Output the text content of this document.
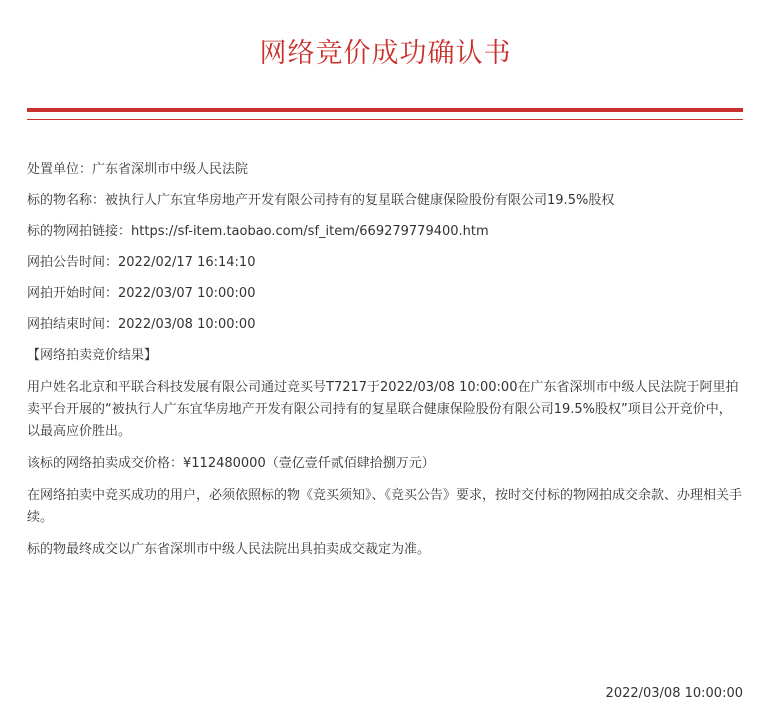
网络竞价成功确认书

处置单位：广东省深圳市中级人民法院

标的物名称：被执行人广东宜华房地产开发有限公司持有的复星联合健康保险股份有限公司19.5%股权

标的物网拍链接：https://sf-item.taobao.com/sf_item/669279779400.htm

网拍公告时间：2022/02/17 16:14:10

网拍开始时间：2022/03/07 10:00:00

网拍结束时间：2022/03/08 10:00:00

【网络拍卖竞价结果】

用户姓名北京和平联合科技发展有限公司通过竞买号T7217于2022/03/08 10:00:00在广东省深圳市中级人民法院于阿里拍卖平台开展的“被执行人广东宜华房地产开发有限公司持有的复星联合健康保险股份有限公司19.5%股权”项目公开竞价中，以最高应价胜出。

该标的网络拍卖成交价格：¥112480000（壹亿壹仟贰佰肆拾捌万元）

在网络拍卖中竞买成功的用户，必须依照标的物《竞买须知》、《竞买公告》要求，按时交付标的物网拍成交余款、办理相关手续。

标的物最终成交以广东省深圳市中级人民法院出具拍卖成交裁定为准。

2022/03/08 10:00:00
